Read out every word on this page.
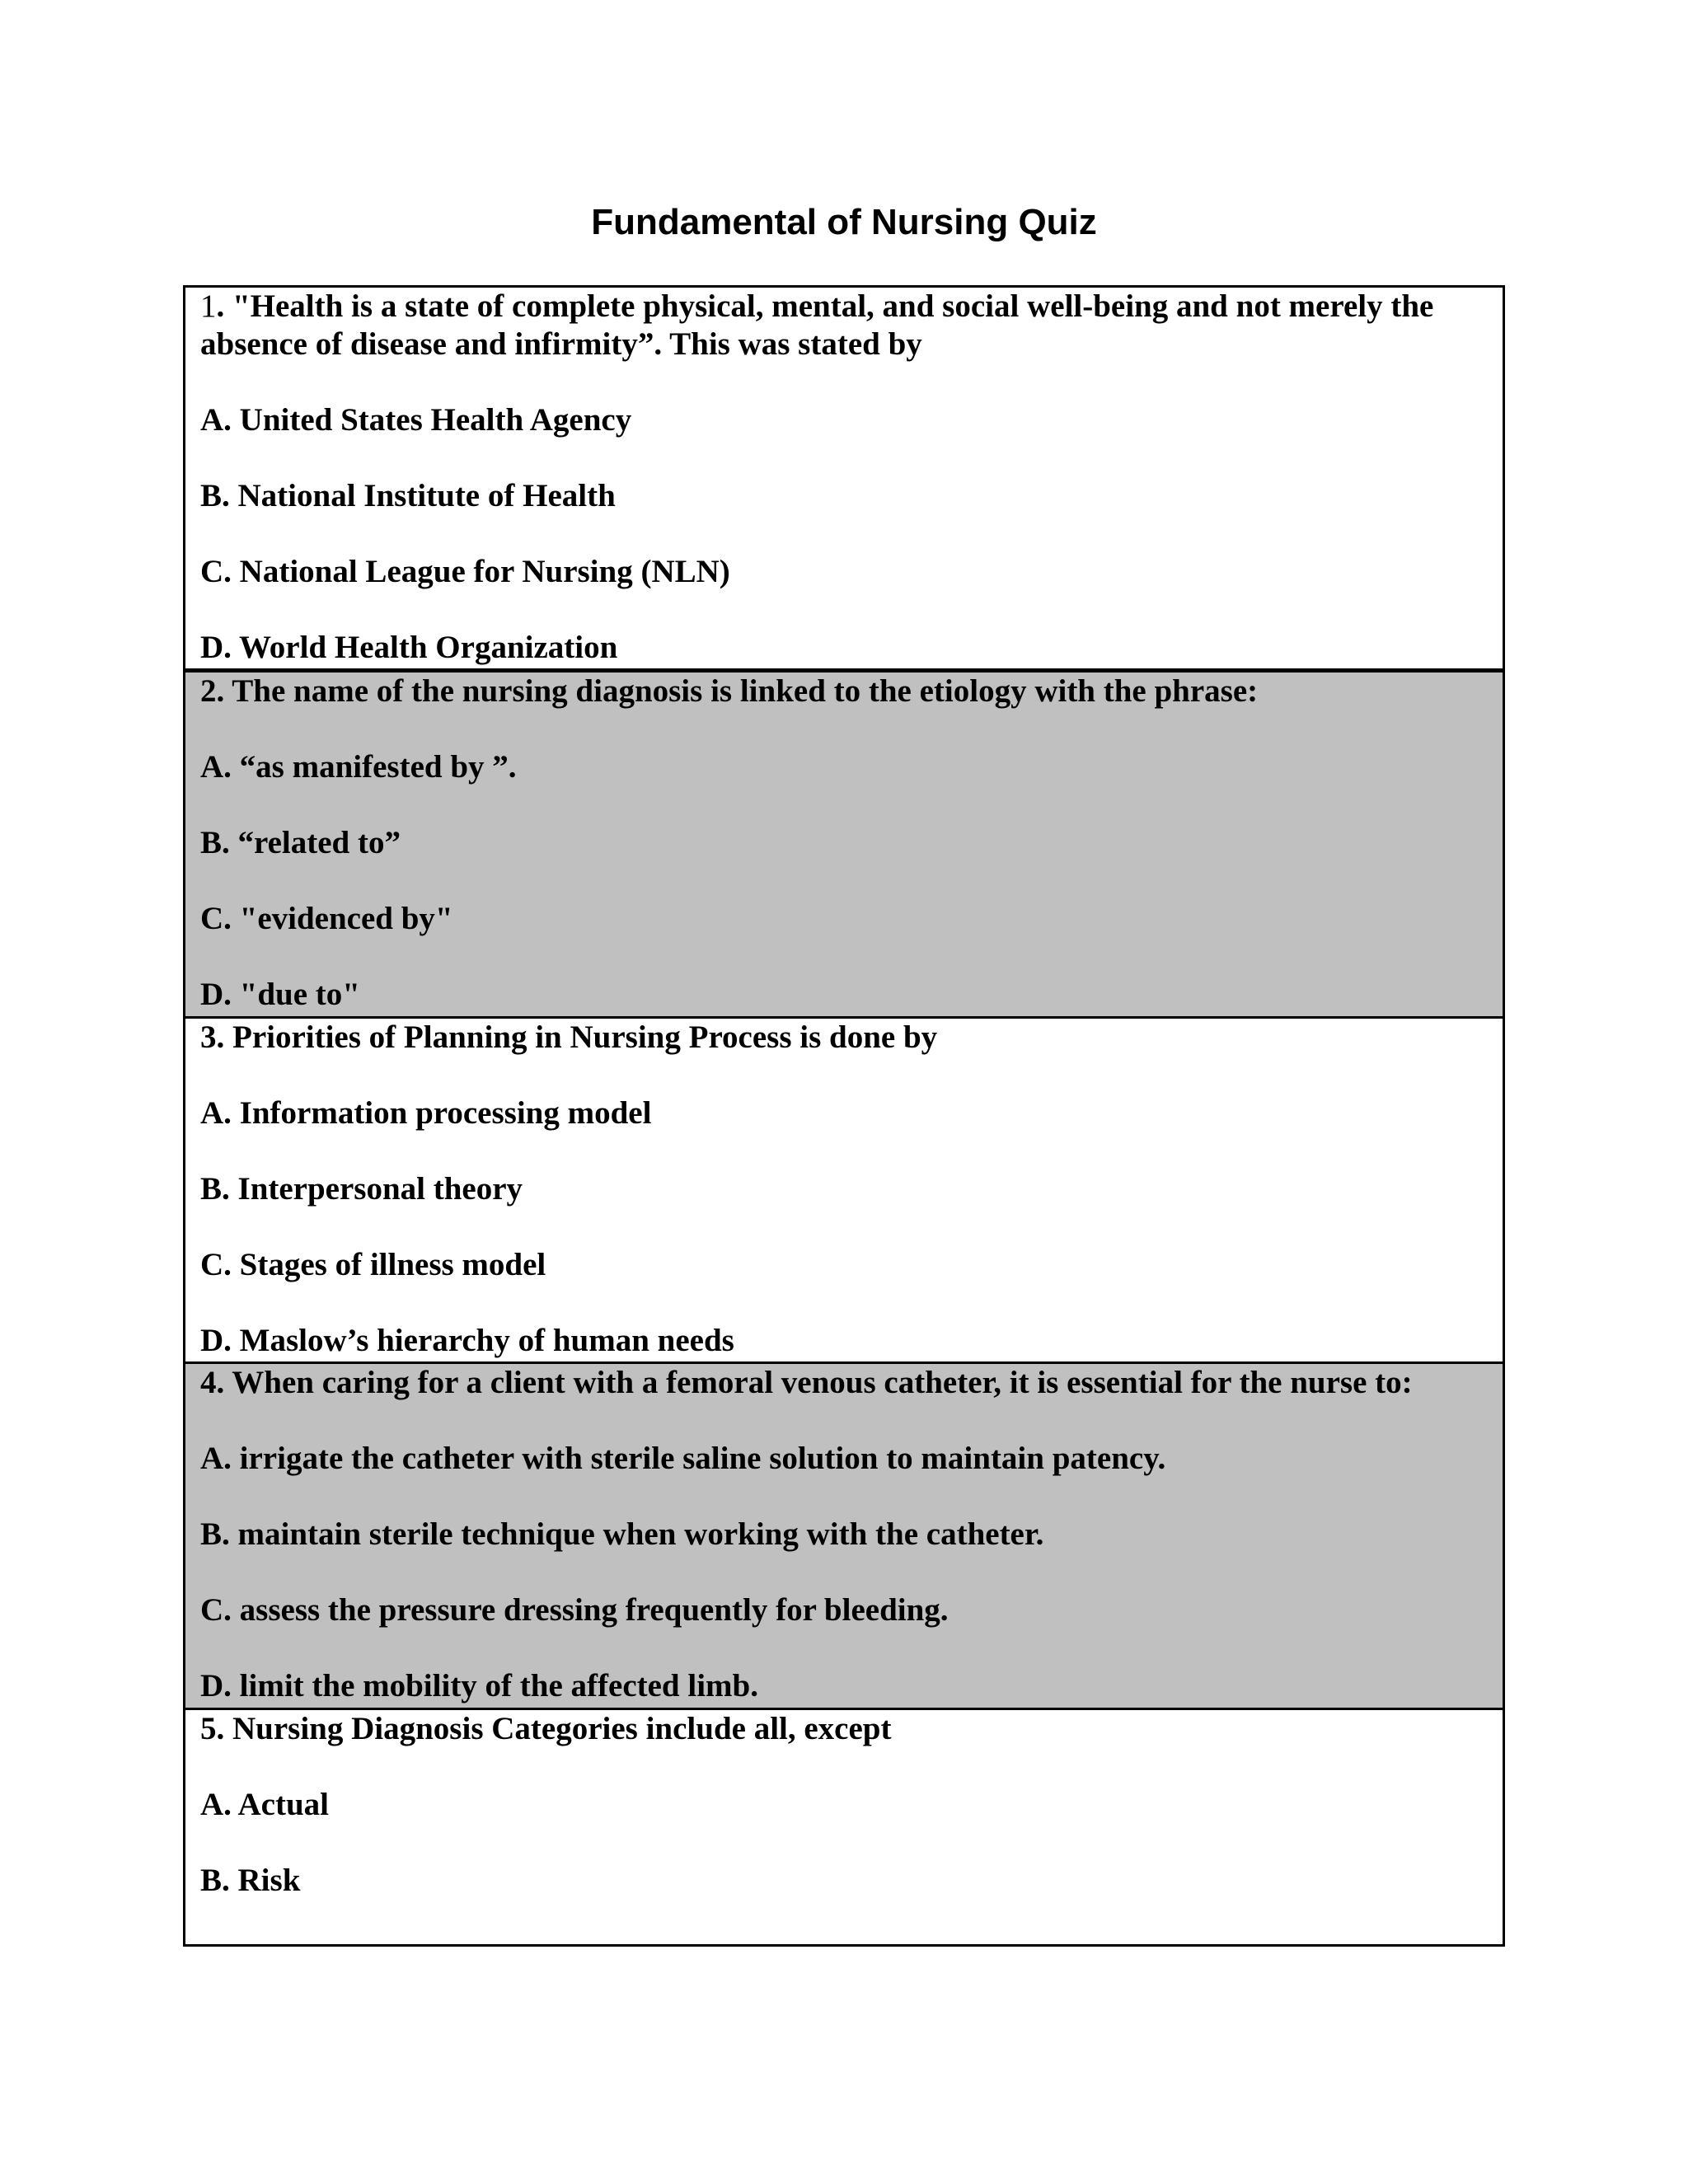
Fundamental of Nursing Quiz

1. "Health is a state of complete physical, mental, and social well-being and not merely the absence of disease and infirmity”. This was stated by

A. United States Health Agency

B. National Institute of Health

C. National League for Nursing (NLN)

D. World Health Organization

2. The name of the nursing diagnosis is linked to the etiology with the phrase:

A. “as manifested by ”.

B. “related to”

C. "evidenced by"

D. "due to"

3. Priorities of Planning in Nursing Process is done by

A. Information processing model

B. Interpersonal theory

C. Stages of illness model

D. Maslow’s hierarchy of human needs

4. When caring for a client with a femoral venous catheter, it is essential for the nurse to:

A. irrigate the catheter with sterile saline solution to maintain patency.

B. maintain sterile technique when working with the catheter.

C. assess the pressure dressing frequently for bleeding.

D. limit the mobility of the affected limb.

5. Nursing Diagnosis Categories include all, except

A. Actual

B. Risk
